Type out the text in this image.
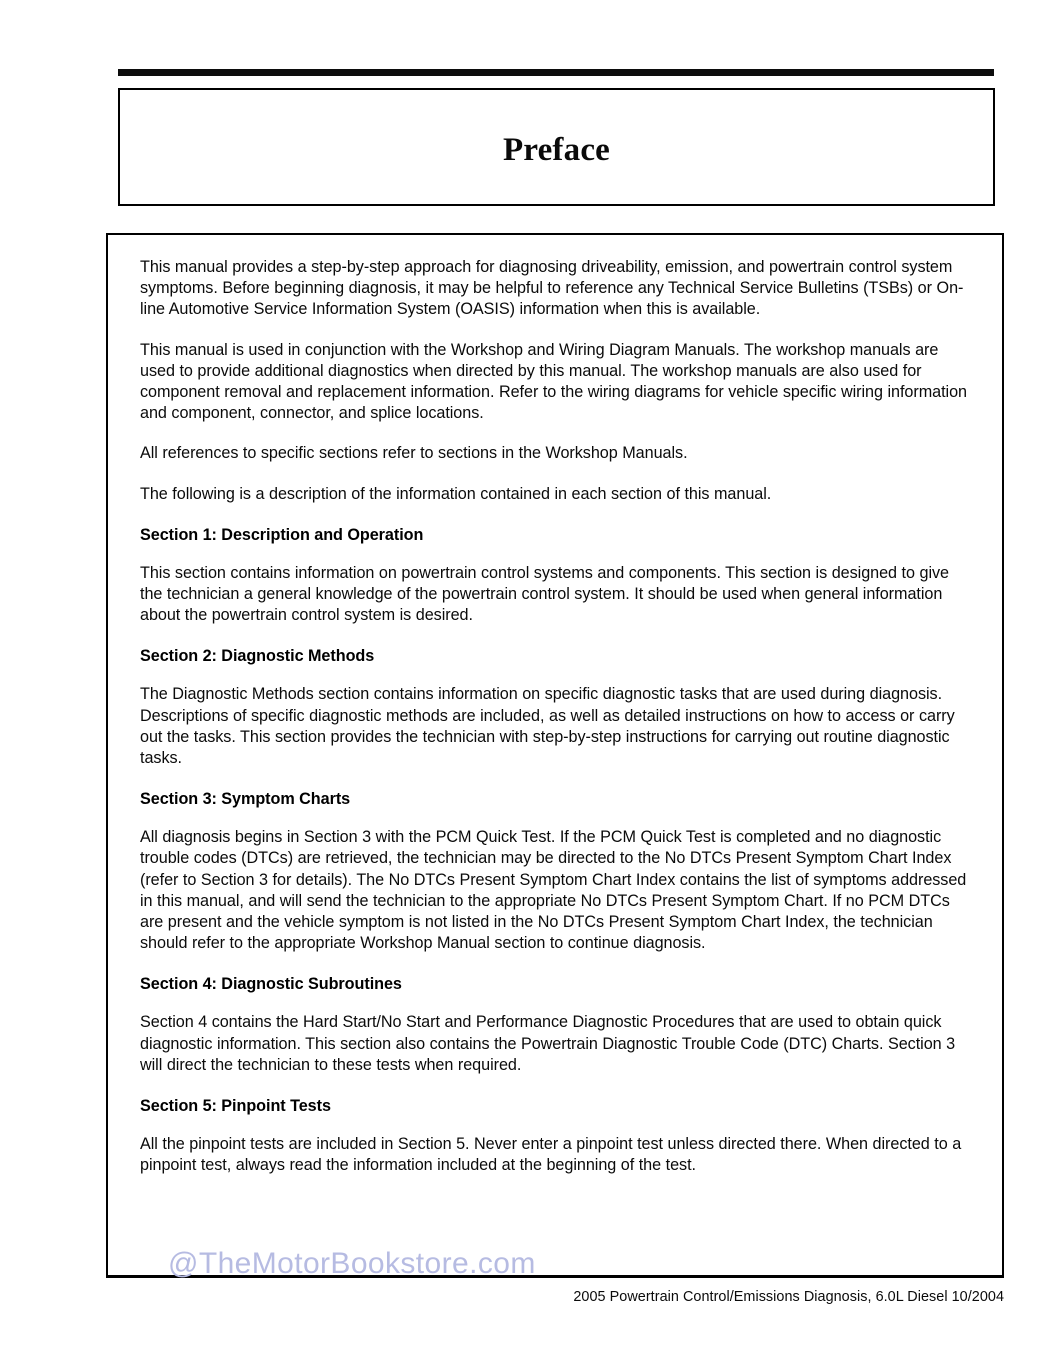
Preface

This manual provides a step-by-step approach for diagnosing driveability, emission, and powertrain control system symptoms. Before beginning diagnosis, it may be helpful to reference any Technical Service Bulletins (TSBs) or On-line Automotive Service Information System (OASIS) information when this is available.

This manual is used in conjunction with the Workshop and Wiring Diagram Manuals. The workshop manuals are used to provide additional diagnostics when directed by this manual. The workshop manuals are also used for component removal and replacement information. Refer to the wiring diagrams for vehicle specific wiring information and component, connector, and splice locations.

All references to specific sections refer to sections in the Workshop Manuals.

The following is a description of the information contained in each section of this manual.

Section 1: Description and Operation

This section contains information on powertrain control systems and components. This section is designed to give the technician a general knowledge of the powertrain control system. It should be used when general information about the powertrain control system is desired.

Section 2: Diagnostic Methods

The Diagnostic Methods section contains information on specific diagnostic tasks that are used during diagnosis. Descriptions of specific diagnostic methods are included, as well as detailed instructions on how to access or carry out the tasks. This section provides the technician with step-by-step instructions for carrying out routine diagnostic tasks.

Section 3: Symptom Charts

All diagnosis begins in Section 3 with the PCM Quick Test. If the PCM Quick Test is completed and no diagnostic trouble codes (DTCs) are retrieved, the technician may be directed to the No DTCs Present Symptom Chart Index (refer to Section 3 for details). The No DTCs Present Symptom Chart Index contains the list of symptoms addressed in this manual, and will send the technician to the appropriate No DTCs Present Symptom Chart. If no PCM DTCs are present and the vehicle symptom is not listed in the No DTCs Present Symptom Chart Index, the technician should refer to the appropriate Workshop Manual section to continue diagnosis.

Section 4: Diagnostic Subroutines

Section 4 contains the Hard Start/No Start and Performance Diagnostic Procedures that are used to obtain quick diagnostic information. This section also contains the Powertrain Diagnostic Trouble Code (DTC) Charts. Section 3 will direct the technician to these tests when required.

Section 5: Pinpoint Tests

All the pinpoint tests are included in Section 5. Never enter a pinpoint test unless directed there. When directed to a pinpoint test, always read the information included at the beginning of the test.

@TheMotorBookstore.com
2005 Powertrain Control/Emissions Diagnosis, 6.0L Diesel 10/2004
